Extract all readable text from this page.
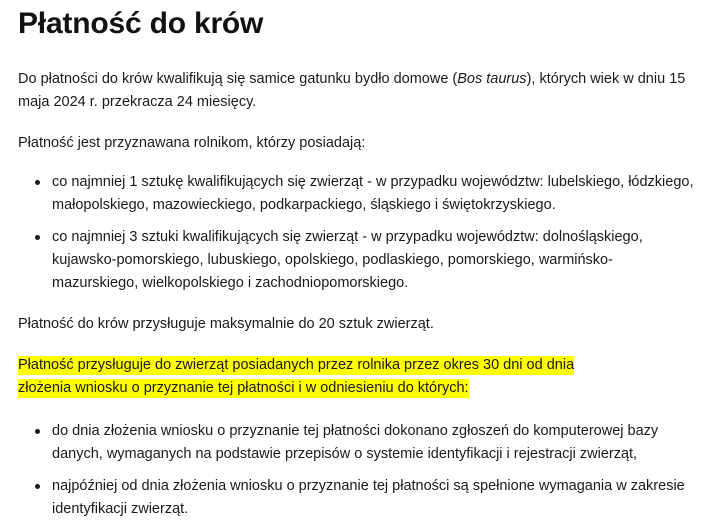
Płatność do krów

Do płatności do krów kwalifikują się samice gatunku bydło domowe (Bos taurus), których wiek w dniu 15 maja 2024 r. przekracza 24 miesięcy.

Płatność jest przyznawana rolnikom, którzy posiadają:

co najmniej 1 sztukę kwalifikujących się zwierząt - w przypadku województw: lubelskiego, łódzkiego, małopolskiego, mazowieckiego, podkarpackiego, śląskiego i świętokrzyskiego.
co najmniej 3 sztuki kwalifikujących się zwierząt - w przypadku województw: dolnośląskiego, kujawsko-pomorskiego, lubuskiego, opolskiego, podlaskiego, pomorskiego, warmińsko-mazurskiego, wielkopolskiego i zachodniopomorskiego.

Płatność do krów przysługuje maksymalnie do 20 sztuk zwierząt.

Płatność przysługuje do zwierząt posiadanych przez rolnika przez okres 30 dni od dnia
złożenia wniosku o przyznanie tej płatności i w odniesieniu do których:
do dnia złożenia wniosku o przyznanie tej płatności dokonano zgłoszeń do komputerowej bazy danych, wymaganych na podstawie przepisów o systemie identyfikacji i rejestracji zwierząt,
najpóźniej od dnia złożenia wniosku o przyznanie tej płatności są spełnione wymagania w zakresie identyfikacji zwierząt.
